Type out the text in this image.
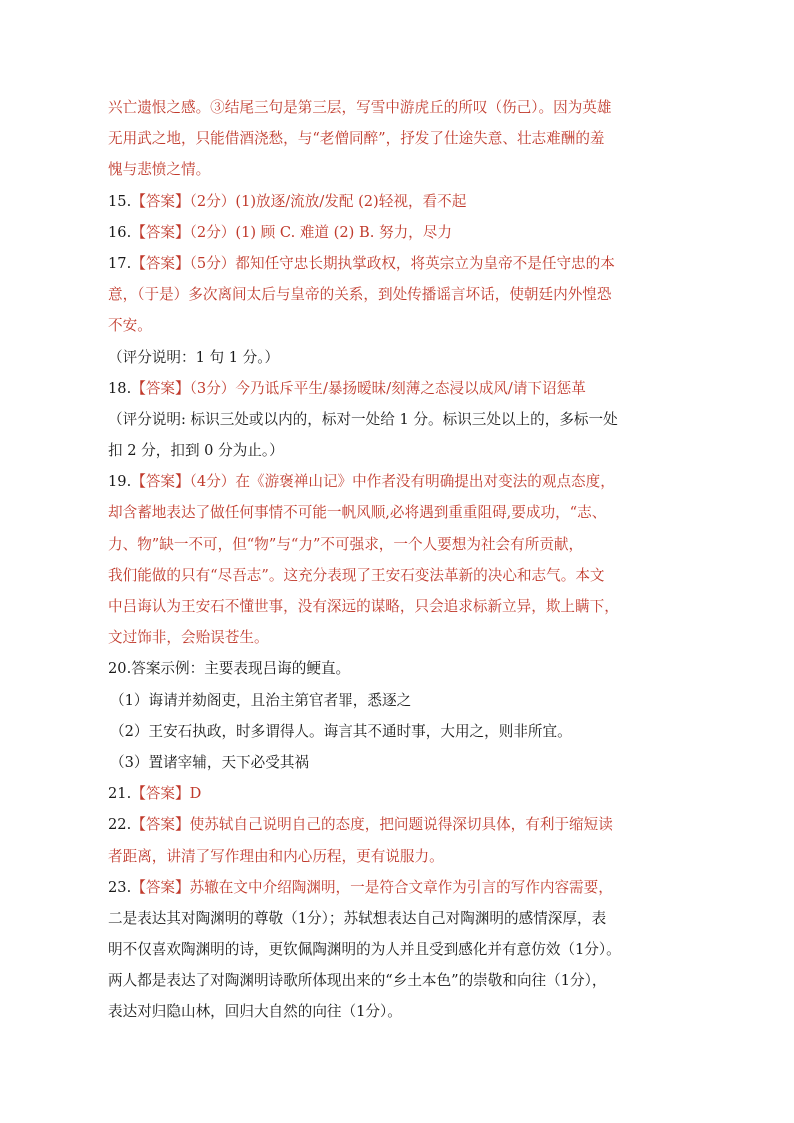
兴亡遗恨之感。③结尾三句是第三层，写雪中游虎丘的所叹（伤己）。因为英雄
无用武之地，只能借酒浇愁，与“老僧同醉”，抒发了仕途失意、壮志难酬的羞
愧与悲愤之情。
15.【答案】（2分）(1)放逐/流放/发配 (2)轻视，看不起
16.【答案】（2分）(1) 顾 C. 难道 (2) B. 努力，尽力
17.【答案】（5分）都知任守忠长期执掌政权，将英宗立为皇帝不是任守忠的本
意，（于是）多次离间太后与皇帝的关系，到处传播谣言坏话，使朝廷内外惶恐
不安。
（评分说明：1 句 1 分。）
18.【答案】（3分）今乃诋斥平生/暴扬暧昧/刻薄之态浸以成风/请下诏惩革
（评分说明: 标识三处或以内的，标对一处给 1 分。标识三处以上的，多标一处
扣 2 分，扣到 0 分为止。）
19.【答案】（4分）在《游褒禅山记》中作者没有明确提出对变法的观点态度，
却含蓄地表达了做任何事情不可能一帆风顺,必将遇到重重阻碍,要成功，“志、
力、物”缺一不可，但“物”与“力”不可强求，一个人要想为社会有所贡献，
我们能做的只有“尽吾志”。这充分表现了王安石变法革新的决心和志气。本文
中吕诲认为王安石不懂世事，没有深远的谋略，只会追求标新立异，欺上瞒下，
文过饰非，会贻误苍生。
20.答案示例：主要表现吕诲的鲠直。
（1）诲请并劾阁吏，且治主第官者罪，悉逐之
（2）王安石执政，时多谓得人。诲言其不通时事，大用之，则非所宜。
（3）置诸宰辅，天下必受其祸
21.【答案】D
22.【答案】使苏轼自己说明自己的态度，把问题说得深切具体，有利于缩短读
者距离，讲清了写作理由和内心历程，更有说服力。
23.【答案】苏辙在文中介绍陶渊明，一是符合文章作为引言的写作内容需要，
二是表达其对陶渊明的尊敬（1分）；苏轼想表达自己对陶渊明的感情深厚，表
明不仅喜欢陶渊明的诗，更钦佩陶渊明的为人并且受到感化并有意仿效（1分）。
两人都是表达了对陶渊明诗歌所体现出来的“乡土本色”的崇敬和向往（1分），
表达对归隐山林，回归大自然的向往（1分）。
